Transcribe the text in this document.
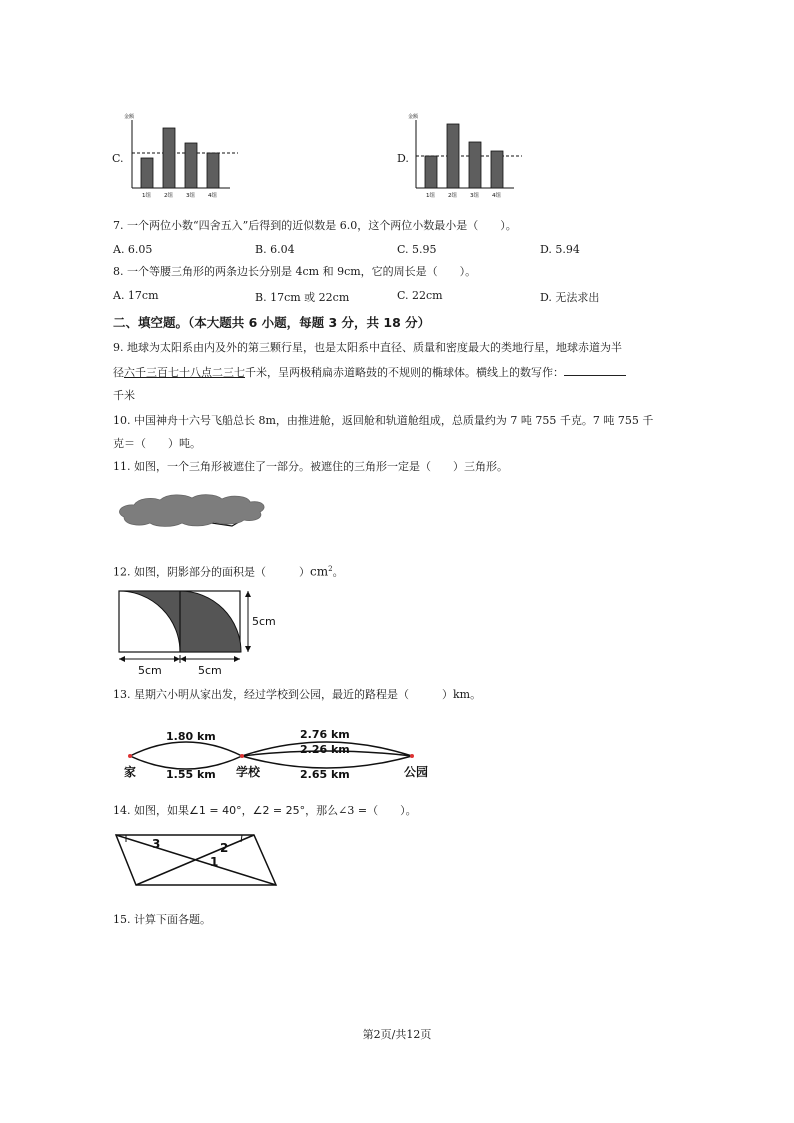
C.
金额
1组 2组 3组 4组
D.
金额
1组 2组 3组 4组
7. 一个两位小数“四舍五入”后得到的近似数是 6.0，这个两位小数最小是（　　）。
A. 6.05	B. 6.04	C. 5.95	D. 5.94
8. 一个等腰三角形的两条边长分别是 4cm 和 9cm，它的周长是（　　）。
A. 17cm	B. 17cm 或 22cm	C. 22cm	D. 无法求出
二、填空题。（本大题共 6 小题，每题 3 分，共 18 分）
9. 地球为太阳系由内及外的第三颗行星，也是太阳系中直径、质量和密度最大的类地行星，地球赤道为半
径六千三百七十八点二三七千米，呈两极稍扁赤道略鼓的不规则的椭球体。横线上的数写作：
千米
10. 中国神舟十六号飞船总长 8m，由推进舱，返回舱和轨道舱组成，总质量约为 7 吨 755 千克。7 吨 755 千
克＝（　　）吨。
11. 如图，一个三角形被遮住了一部分。被遮住的三角形一定是（　　）三角形。
12. 如图，阴影部分的面积是（　　　）$cm^2$。
5cm
5cm	5cm
13. 星期六小明从家出发，经过学校到公园，最近的路程是（　　　）km。
1.80 km
1.55 km
2.76 km
2.26 km
2.65 km
家	学校	公园
14. 如图，如果∠1 = 40°，∠2 = 25°，那么∠3 =（　　）。
3	2
1
15. 计算下面各题。
第2页/共12页
